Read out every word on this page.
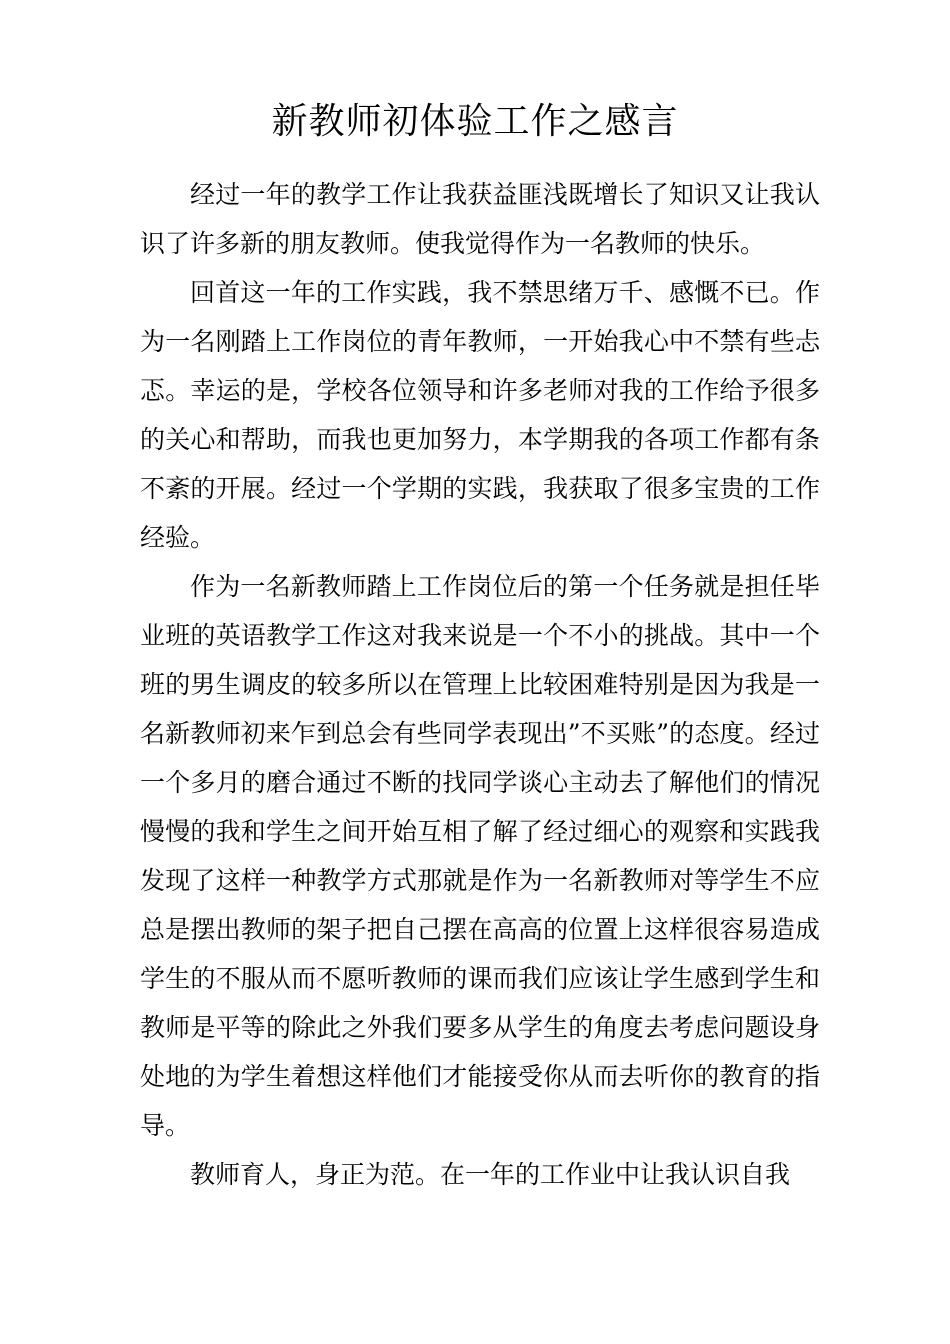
新教师初体验工作之感言

经过一年的教学工作让我获益匪浅既增长了知识又让我认识了许多新的朋友教师。使我觉得作为一名教师的快乐。

回首这一年的工作实践，我不禁思绪万千、感慨不已。作为一名刚踏上工作岗位的青年教师，一开始我心中不禁有些忐忑。幸运的是，学校各位领导和许多老师对我的工作给予很多的关心和帮助，而我也更加努力，本学期我的各项工作都有条不紊的开展。经过一个学期的实践，我获取了很多宝贵的工作经验。

作为一名新教师踏上工作岗位后的第一个任务就是担任毕业班的英语教学工作这对我来说是一个不小的挑战。其中一个班的男生调皮的较多所以在管理上比较困难特别是因为我是一名新教师初来乍到总会有些同学表现出”不买账”的态度。经过一个多月的磨合通过不断的找同学谈心主动去了解他们的情况慢慢的我和学生之间开始互相了解了经过细心的观察和实践我发现了这样一种教学方式那就是作为一名新教师对等学生不应总是摆出教师的架子把自己摆在高高的位置上这样很容易造成学生的不服从而不愿听教师的课而我们应该让学生感到学生和教师是平等的除此之外我们要多从学生的角度去考虑问题设身处地的为学生着想这样他们才能接受你从而去听你的教育的指导。

教师育人，身正为范。在一年的工作业中让我认识自我
